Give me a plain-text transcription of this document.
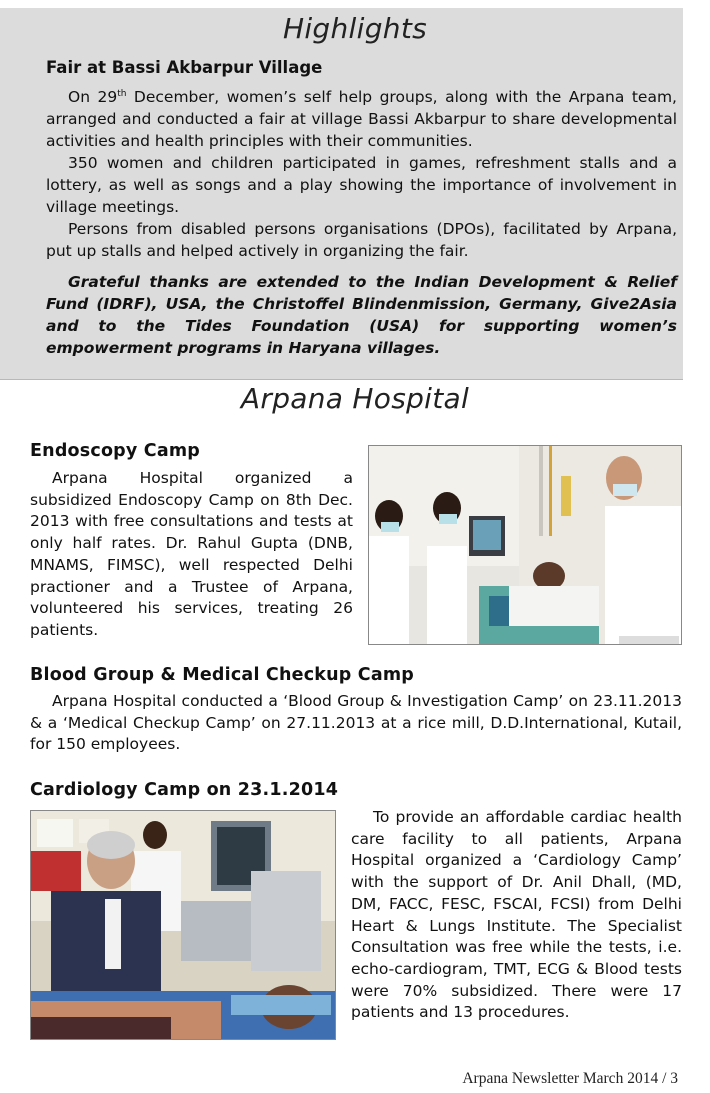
Highlights
Fair at Bassi Akbarpur Village

On 29th December, women’s self help groups, along with the Arpana team, arranged and conducted a fair at village Bassi Akbarpur to share developmental activities and health principles with their communities.

350 women and children participated in games, refreshment stalls and a lottery, as well as songs and a play showing the importance of involvement in village meetings.

Persons from disabled persons organisations (DPOs), facilitated by Arpana, put up stalls and helped actively in organizing the fair.

Grateful thanks are extended to the Indian Development & Relief Fund (IDRF), USA, the Christoffel Blindenmission, Germany, Give2Asia and to the Tides Foundation (USA) for supporting women’s empowerment programs in Haryana villages.
Arpana Hospital
Endoscopy Camp

Arpana Hospital organized a subsidized Endoscopy Camp on 8th Dec. 2013 with free consultations and tests at only half rates. Dr. Rahul Gupta (DNB, MNAMS, FIMSC), well respected Delhi practioner and a Trustee of Arpana, volunteered his services, treating 26 patients.

Blood Group & Medical Checkup Camp

Arpana Hospital conducted a ‘Blood Group & Investigation Camp’ on 23.11.2013 & a ‘Medical Checkup Camp’ on 27.11.2013 at a rice mill, D.D.International, Kutail, for 150 employees.

Cardiology Camp on 23.1.2014

To provide an affordable cardiac health care facility to all patients, Arpana Hospital organized a ‘Cardiology Camp’ with the support of Dr. Anil Dhall, (MD, DM, FACC, FESC, FSCAI, FCSI) from Delhi Heart & Lungs Institute. The Specialist Consultation was free while the tests, i.e. echo-cardiogram, TMT, ECG & Blood tests were 70% subsidized. There were 17 patients and 13 procedures.

Arpana Newsletter March 2014 / 3
